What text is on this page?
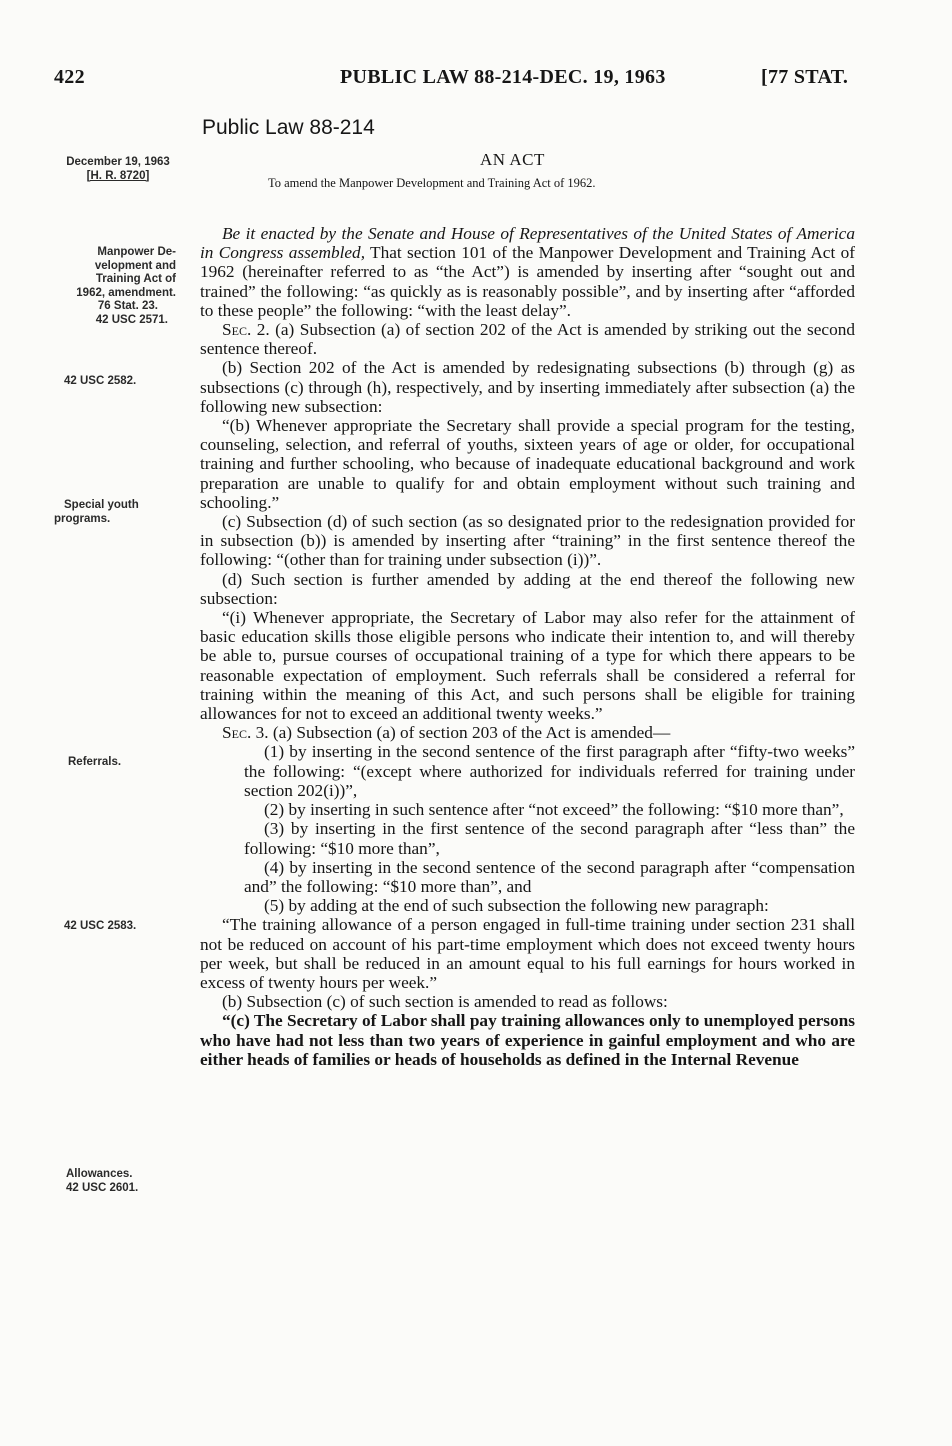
422	PUBLIC LAW 88-214-DEC. 19, 1963	[77 STAT.
Public Law 88-214
December 19, 1963
[H. R. 8720]
Manpower De-
velopment and
Training Act of
1962, amendment.
76 Stat. 23.
42 USC 2571.
42 USC 2582.
Special youth
programs.
Referrals.
42 USC 2583.
Allowances.
42 USC 2601.
AN ACT
To amend the Manpower Development and Training Act of 1962.

Be it enacted by the Senate and House of Representatives of the United States of America in Congress assembled, That section 101 of the Manpower Development and Training Act of 1962 (hereinafter referred to as “the Act”) is amended by inserting after “sought out and trained” the following: “as quickly as is reasonably possible”, and by inserting after “afforded to these people” the following: “with the least delay”.

Sec. 2. (a) Subsection (a) of section 202 of the Act is amended by striking out the second sentence thereof.

(b) Section 202 of the Act is amended by redesignating subsections (b) through (g) as subsections (c) through (h), respectively, and by inserting immediately after subsection (a) the following new subsection:

“(b) Whenever appropriate the Secretary shall provide a special program for the testing, counseling, selection, and referral of youths, sixteen years of age or older, for occupational training and further schooling, who because of inadequate educational background and work preparation are unable to qualify for and obtain employment without such training and schooling.”

(c) Subsection (d) of such section (as so designated prior to the redesignation provided for in subsection (b)) is amended by inserting after “training” in the first sentence thereof the following: “(other than for training under subsection (i))”.

(d) Such section is further amended by adding at the end thereof the following new subsection:

“(i) Whenever appropriate, the Secretary of Labor may also refer for the attainment of basic education skills those eligible persons who indicate their intention to, and will thereby be able to, pursue courses of occupational training of a type for which there appears to be reasonable expectation of employment. Such referrals shall be considered a referral for training within the meaning of this Act, and such persons shall be eligible for training allowances for not to exceed an additional twenty weeks.”

Sec. 3. (a) Subsection (a) of section 203 of the Act is amended—

(1) by inserting in the second sentence of the first paragraph after “fifty-two weeks” the following: “(except where authorized for individuals referred for training under section 202(i))”,

(2) by inserting in such sentence after “not exceed” the following: “$10 more than”,

(3) by inserting in the first sentence of the second paragraph after “less than” the following: “$10 more than”,

(4) by inserting in the second sentence of the second paragraph after “compensation and” the following: “$10 more than”, and

(5) by adding at the end of such subsection the following new paragraph:

“The training allowance of a person engaged in full-time training under section 231 shall not be reduced on account of his part-time employment which does not exceed twenty hours per week, but shall be reduced in an amount equal to his full earnings for hours worked in excess of twenty hours per week.”

(b) Subsection (c) of such section is amended to read as follows:

“(c) The Secretary of Labor shall pay training allowances only to unemployed persons who have had not less than two years of experience in gainful employment and who are either heads of families or heads of households as defined in the Internal Revenue
